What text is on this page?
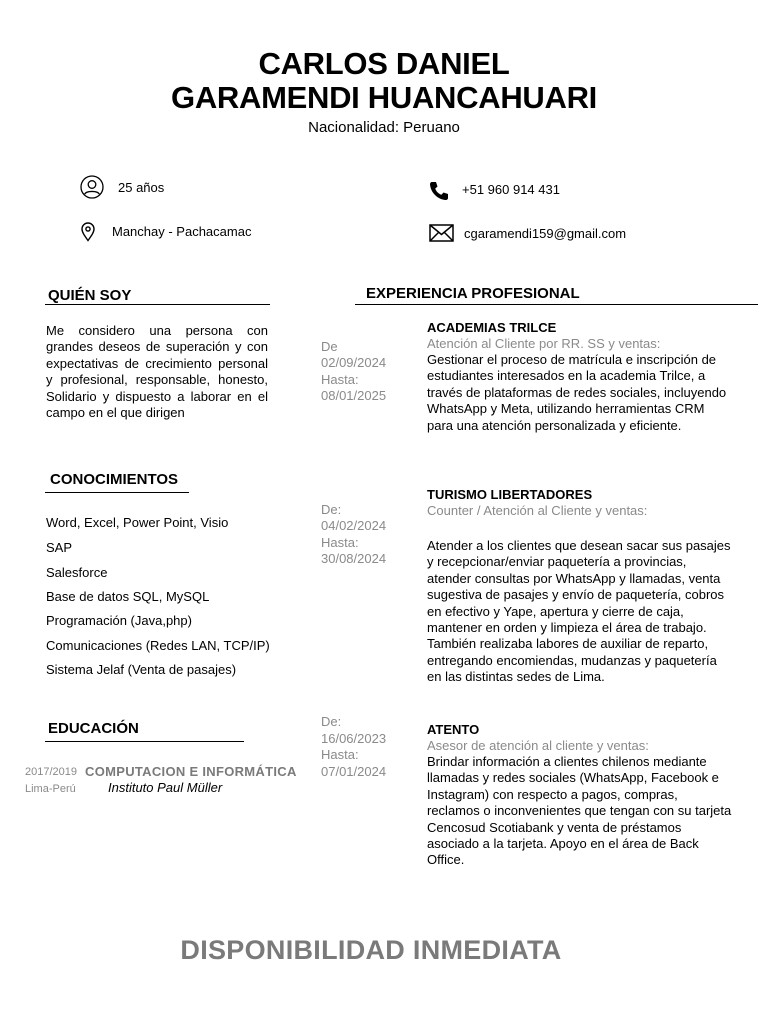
CARLOS DANIEL
GARAMENDI HUANCAHUARI
Nacionalidad: Peruano
25 años
Manchay - Pachacamac
+51 960 914 431
cgaramendi159@gmail.com
QUIÉN SOY
Me considero una persona con grandes deseos de superación y con expectativas de crecimiento personal y profesional, responsable, honesto, Solidario y dispuesto a laborar en el campo en el que dirigen
CONOCIMIENTOS
Word, Excel, Power Point, Visio
SAP
Salesforce
Base de datos SQL, MySQL
Programación (Java,php)
Comunicaciones (Redes LAN, TCP/IP)
Sistema Jelaf (Venta de pasajes)
EDUCACIÓN
2017/2019 COMPUTACION E INFORMÁTICA
Lima-Perú Instituto Paul Müller
EXPERIENCIA PROFESIONAL
De
02/09/2024
Hasta:
08/01/2025
ACADEMIAS TRILCE
Atención al Cliente por RR. SS y ventas:
Gestionar el proceso de matrícula e inscripción de estudiantes interesados en la academia Trilce, a través de plataformas de redes sociales, incluyendo WhatsApp y Meta, utilizando herramientas CRM para una atención personalizada y eficiente.
De:
04/02/2024
Hasta:
30/08/2024
TURISMO LIBERTADORES
Counter / Atención al Cliente y ventas:
Atender a los clientes que desean sacar sus pasajes y recepcionar/enviar paquetería a provincias, atender consultas por WhatsApp y llamadas, venta sugestiva de pasajes y envío de paquetería, cobros en efectivo y Yape, apertura y cierre de caja, mantener en orden y limpieza el área de trabajo. También realizaba labores de auxiliar de reparto, entregando encomiendas, mudanzas y paquetería en las distintas sedes de Lima.
De:
16/06/2023
Hasta:
07/01/2024
ATENTO
Asesor de atención al cliente y ventas:
Brindar información a clientes chilenos mediante llamadas y redes sociales (WhatsApp, Facebook e Instagram) con respecto a pagos, compras, reclamos o inconvenientes que tengan con su tarjeta Cencosud Scotiabank y venta de préstamos asociado a la tarjeta. Apoyo en el área de Back Office.
DISPONIBILIDAD INMEDIATA
